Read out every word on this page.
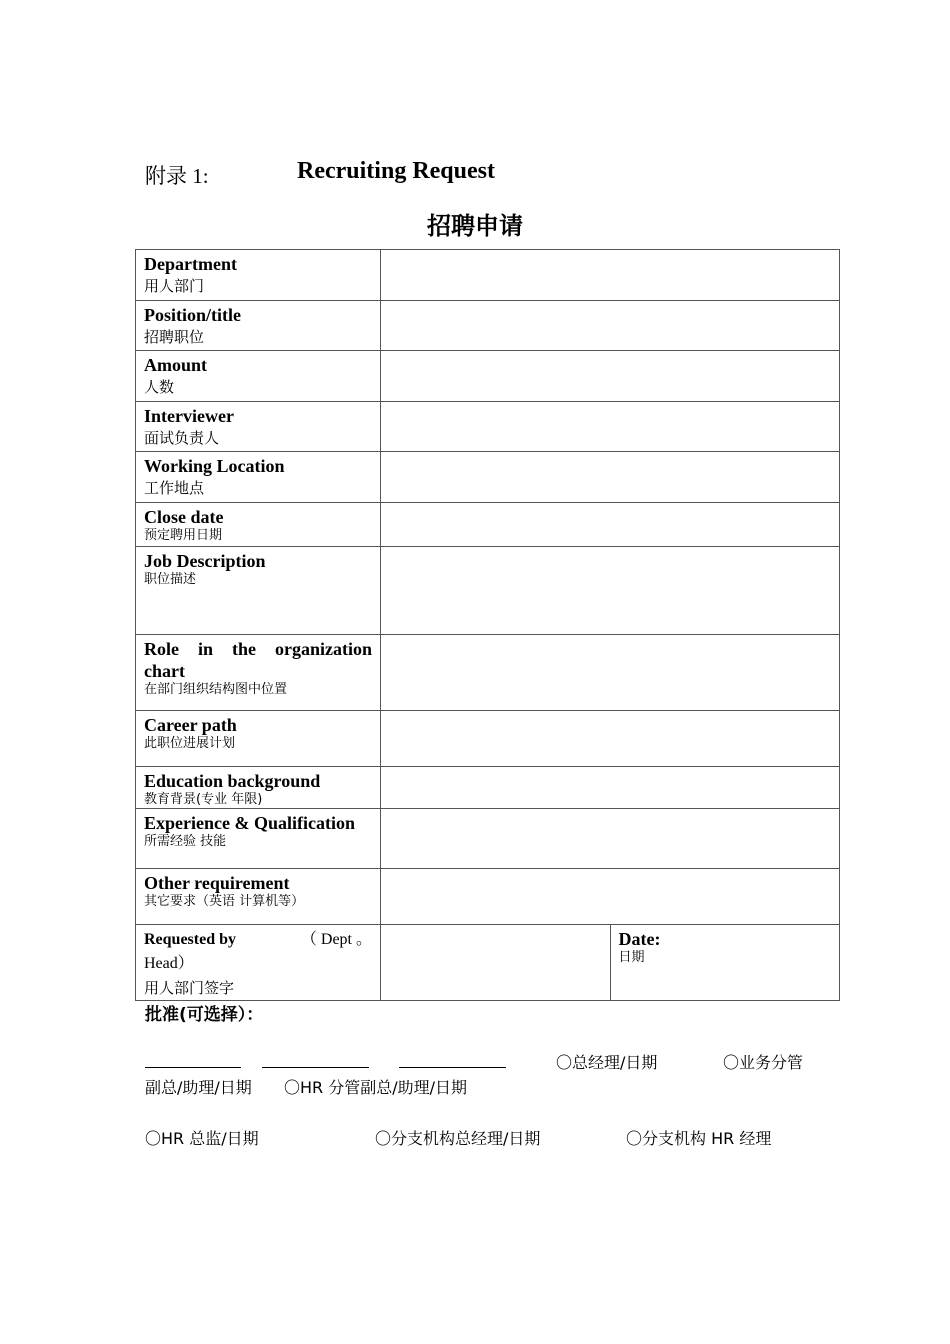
附录 1:	Recruiting Request
招聘申请
Department
用人部门		

Position/title
招聘职位		

Amount
人数		

Interviewer
面试负责人		

Working Location
工作地点		

Close date
预定聘用日期		

Job Description
职位描述		

Role in the organization chart
在部门组织结构图中位置		

Career path
此职位进展计划		

Education background
教育背景(专业 年限)		

Experience & Qualification
所需经验 技能		

Other requirement
其它要求（英语 计算机等）		

Requested by （ Dept 。
Head）
用人部门签字		Date:
日期
批准(可选择）：
〇总经理/日期	〇业务分管
副总/助理/日期 〇HR 分管副总/助理/日期
〇HR 总监/日期	〇分支机构总经理/日期	〇分支机构 HR 经理
